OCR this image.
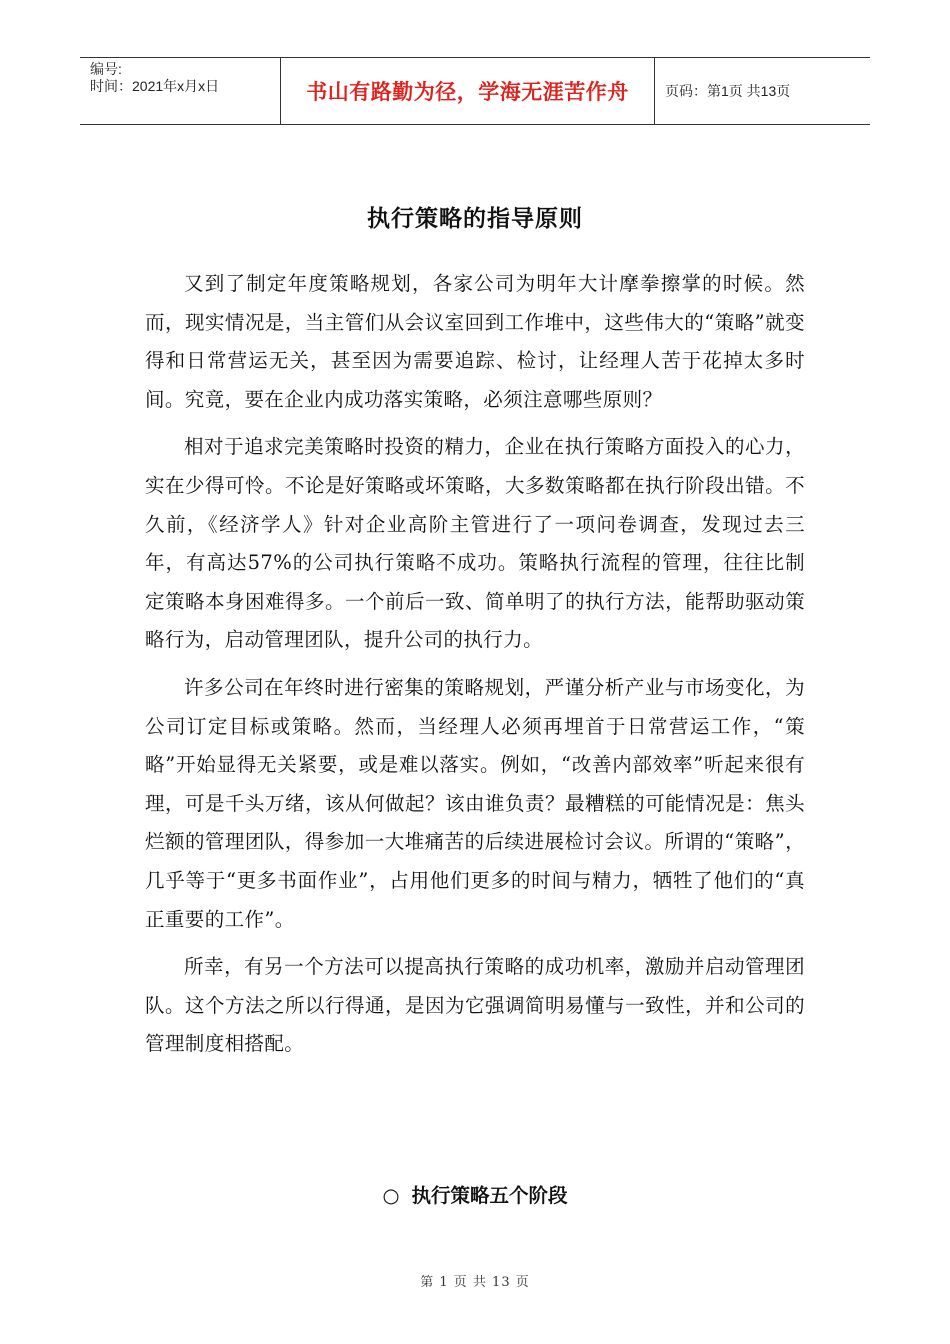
编号:
时间：2021年x月x日	书山有路勤为径，学海无涯苦作舟	页码：第1页 共13页
执行策略的指导原则

又到了制定年度策略规划，各家公司为明年大计摩拳擦掌的时候。然而，现实情况是，当主管们从会议室回到工作堆中，这些伟大的“策略”就变得和日常营运无关，甚至因为需要追踪、检讨，让经理人苦于花掉太多时间。究竟，要在企业内成功落实策略，必须注意哪些原则？

相对于追求完美策略时投资的精力，企业在执行策略方面投入的心力，实在少得可怜。不论是好策略或坏策略，大多数策略都在执行阶段出错。不久前，《经济学人》针对企业高阶主管进行了一项问卷调查，发现过去三年，有高达57%的公司执行策略不成功。策略执行流程的管理，往往比制定策略本身困难得多。一个前后一致、简单明了的执行方法，能帮助驱动策略行为，启动管理团队，提升公司的执行力。

许多公司在年终时进行密集的策略规划，严谨分析产业与市场变化，为公司订定目标或策略。然而，当经理人必须再埋首于日常营运工作，“策略”开始显得无关紧要，或是难以落实。例如，“改善内部效率”听起来很有理，可是千头万绪，该从何做起？该由谁负责？最糟糕的可能情况是：焦头烂额的管理团队，得参加一大堆痛苦的后续进展检讨会议。所谓的“策略”，几乎等于“更多书面作业”，占用他们更多的时间与精力，牺牲了他们的“真正重要的工作”。

所幸，有另一个方法可以提高执行策略的成功机率，激励并启动管理团队。这个方法之所以行得通，是因为它强调简明易懂与一致性，并和公司的管理制度相搭配。

○ 执行策略五个阶段
第 1 页 共 13 页
